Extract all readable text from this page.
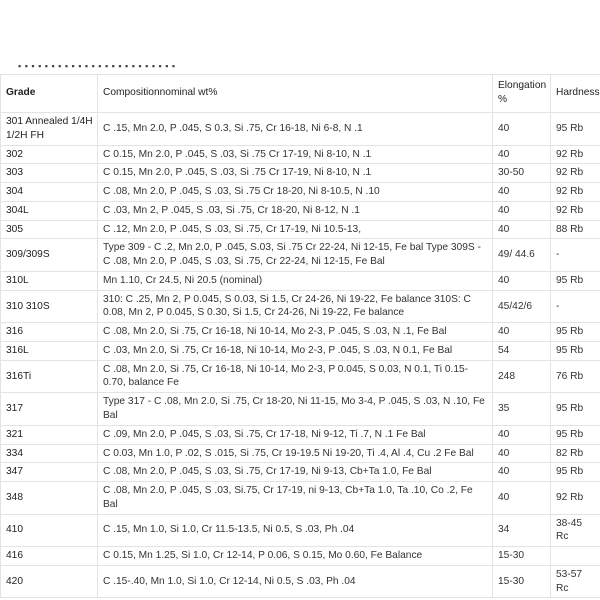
▪ ▪ ▪ ▪ ▪ ▪ ▪ ▪ ▪ ▪ ▪ ▪ ▪ ▪ ▪ ▪ ▪ ▪ ▪ ▪ ▪ ▪ ▪ ▪
Grade	Compositionnominal wt%	Elongation %	Hardness
301 Annealed 1/4H 1/2H FH	C .15, Mn 2.0, P .045, S 0.3, Si .75, Cr 16-18, Ni 6-8, N .1	40	95 Rb
302	C 0.15, Mn 2.0, P .045, S .03, Si .75 Cr 17-19, Ni 8-10, N .1	40	92 Rb
303	C 0.15, Mn 2.0, P .045, S .03, Si .75 Cr 17-19, Ni 8-10, N .1	30-50	92 Rb
304	C .08, Mn 2.0, P .045, S .03, Si .75 Cr 18-20, Ni 8-10.5, N .10	40	92 Rb
304L	C .03, Mn 2, P .045, S .03, Si .75, Cr 18-20, Ni 8-12, N .1	40	92 Rb
305	C .12, Mn 2.0, P .045, S .03, Si .75, Cr 17-19, Ni 10.5-13,	40	88 Rb
309/309S	Type 309 - C .2, Mn 2.0, P .045, S.03, Si .75 Cr 22-24, Ni 12-15, Fe bal Type 309S - C .08, Mn 2.0, P .045, S .03, Si .75, Cr 22-24, Ni 12-15, Fe Bal	49/ 44.6	-
310L	Mn 1.10, Cr 24.5, Ni 20.5 (nominal)	40	95 Rb
310 310S	310: C .25, Mn 2, P 0.045, S 0.03, Si 1.5, Cr 24-26, Ni 19-22, Fe balance 310S: C 0.08, Mn 2, P 0.045, S 0.30, Si 1.5, Cr 24-26, Ni 19-22, Fe balance	45/42/6	-
316	C .08, Mn 2.0, Si .75, Cr 16-18, Ni 10-14, Mo 2-3, P .045, S .03, N .1, Fe Bal	40	95 Rb
316L	C .03, Mn 2.0, Si .75, Cr 16-18, Ni 10-14, Mo 2-3, P .045, S .03, N 0.1, Fe Bal	54	95 Rb
316Ti	C .08, Mn 2.0, Si .75, Cr 16-18, Ni 10-14, Mo 2-3, P 0.045, S 0.03, N 0.1, Ti 0.15-0.70, balance Fe	248	76 Rb
317	Type 317 - C .08, Mn 2.0, Si .75, Cr 18-20, Ni 11-15, Mo 3-4, P .045, S .03, N .10, Fe Bal	35	95 Rb
321	C .09, Mn 2.0, P .045, S .03, Si .75, Cr 17-18, Ni 9-12, Ti .7, N .1 Fe Bal	40	95 Rb
334	C 0.03, Mn 1.0, P .02, S .015, Si .75, Cr 19-19.5 Ni 19-20, Ti .4, Al .4, Cu .2 Fe Bal	40	82 Rb
347	C .08, Mn 2.0, P .045, S .03, Si .75, Cr 17-19, Ni 9-13, Cb+Ta 1.0, Fe Bal	40	95 Rb
348	C .08, Mn 2.0, P .045, S .03, Si.75, Cr 17-19, ni 9-13, Cb+Ta 1.0, Ta .10, Co .2, Fe Bal	40	92 Rb
410	C .15, Mn 1.0, Si 1.0, Cr 11.5-13.5, Ni 0.5, S .03, Ph .04	34	38-45 Rc
416	C 0.15, Mn 1.25, Si 1.0, Cr 12-14, P 0.06, S 0.15, Mo 0.60, Fe Balance	15-30	
420	C .15-.40, Mn 1.0, Si 1.0, Cr 12-14, Ni 0.5, S .03, Ph .04	15-30	53-57 Rc
